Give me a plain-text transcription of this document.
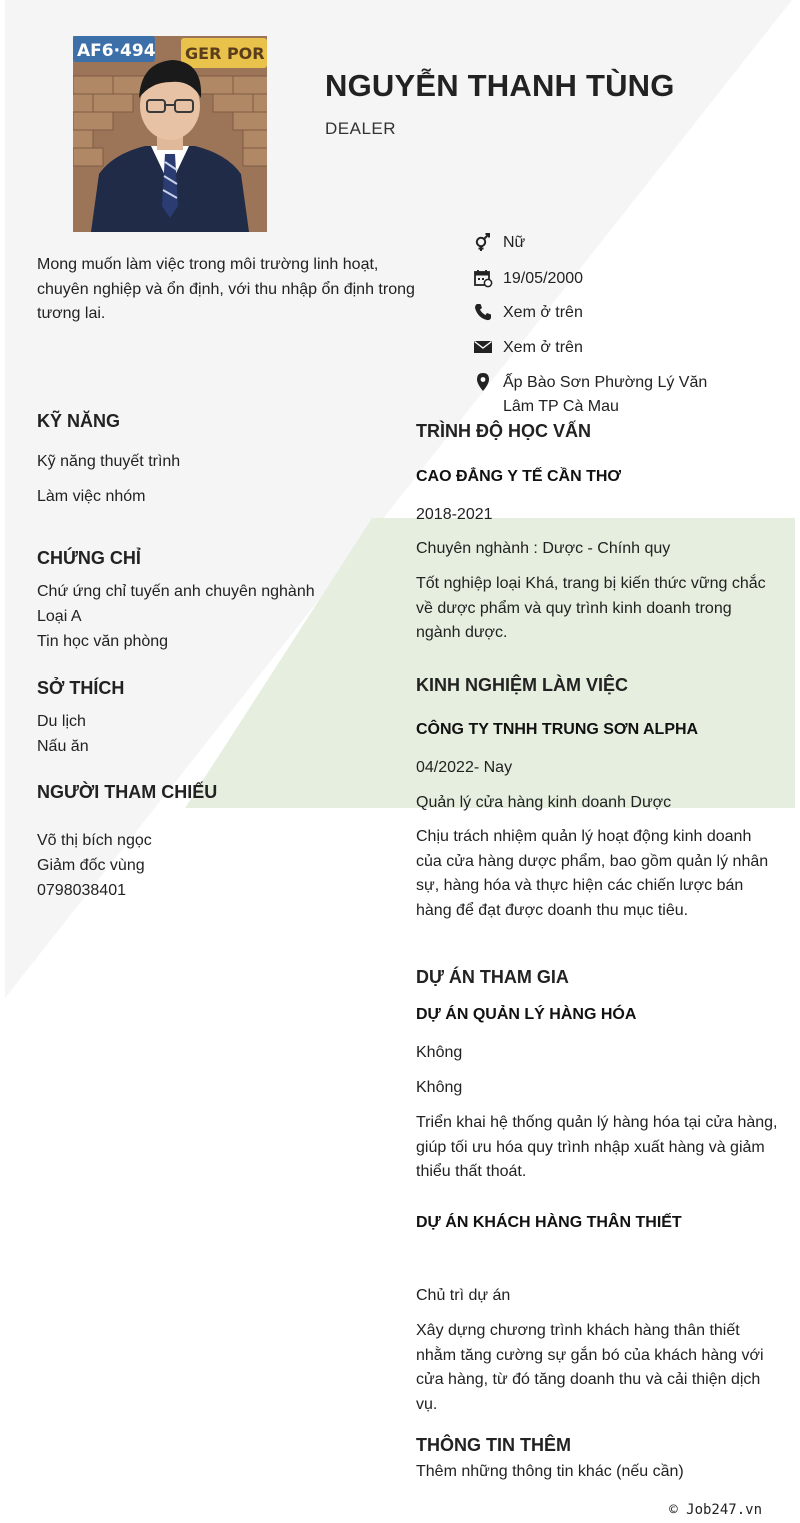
AF6·494 GER POR
NGUYỄN THANH TÙNG
DEALER
Mong muốn làm việc trong môi trường linh hoạt, chuyên nghiệp và ổn định, với thu nhập ổn định trong tương lai.
Nữ
19/05/2000
Xem ở trên
Xem ở trên
Ấp Bào Sơn Phường Lý Văn Lâm TP Cà Mau
KỸ NĂNG
Kỹ năng thuyết trình
Làm việc nhóm
CHỨNG CHỈ
Chứ ứng chỉ tuyến anh chuyên nghành
Loại A
Tin học văn phòng
SỞ THÍCH
Du lịch
Nấu ăn
NGƯỜI THAM CHIẾU
Võ thị bích ngọc
Giảm đốc vùng
0798038401
TRÌNH ĐỘ HỌC VẤN
CAO ĐẲNG Y TẾ CẦN THƠ
2018-2021
Chuyên nghành : Dược - Chính quy
Tốt nghiệp loại Khá, trang bị kiến thức vững chắc về dược phẩm và quy trình kinh doanh trong ngành dược.
KINH NGHIỆM LÀM VIỆC
CÔNG TY TNHH TRUNG SƠN ALPHA
04/2022- Nay
Quản lý cửa hàng kinh doanh Dược
Chịu trách nhiệm quản lý hoạt động kinh doanh của cửa hàng dược phẩm, bao gồm quản lý nhân sự, hàng hóa và thực hiện các chiến lược bán hàng để đạt được doanh thu mục tiêu.
DỰ ÁN THAM GIA
DỰ ÁN QUẢN LÝ HÀNG HÓA
Không
Không
Triển khai hệ thống quản lý hàng hóa tại cửa hàng, giúp tối ưu hóa quy trình nhập xuất hàng và giảm thiểu thất thoát.
DỰ ÁN KHÁCH HÀNG THÂN THIẾT
Chủ trì dự án
Xây dựng chương trình khách hàng thân thiết nhằm tăng cường sự gắn bó của khách hàng với cửa hàng, từ đó tăng doanh thu và cải thiện dịch vụ.
THÔNG TIN THÊM
Thêm những thông tin khác (nếu cần)
© Job247.vn
